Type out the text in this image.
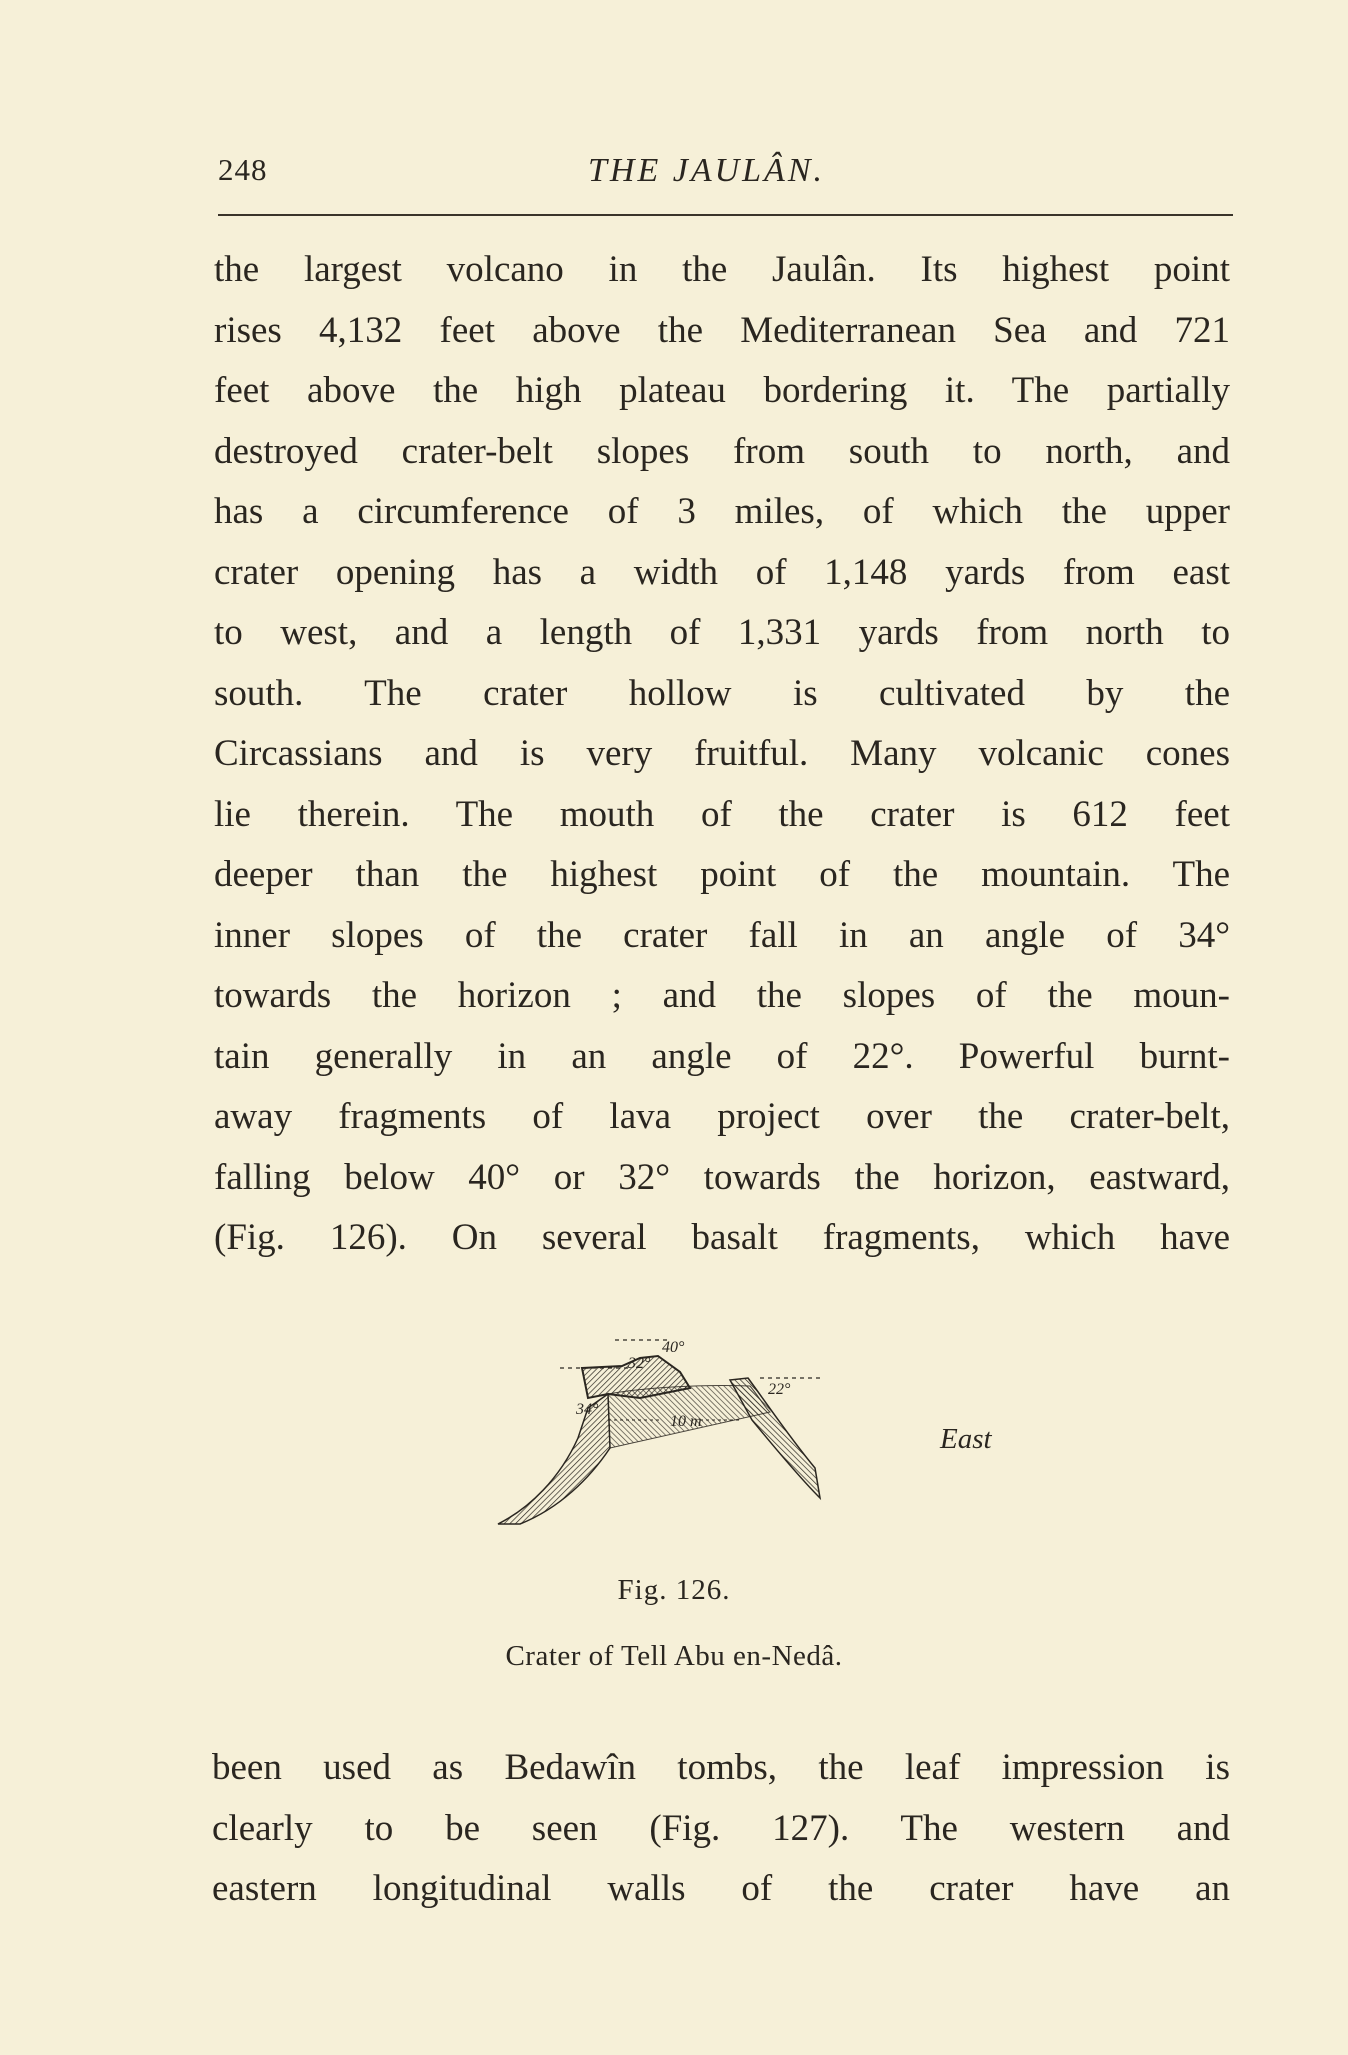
248	THE JAULÂN.
the largest volcano in the Jaulân. Its highest point
rises 4,132 feet above the Mediterranean Sea and 721
feet above the high plateau bordering it. The partially
destroyed crater-belt slopes from south to north, and
has a circumference of 3 miles, of which the upper
crater opening has a width of 1,148 yards from east
to west, and a length of 1,331 yards from north to
south. The crater hollow is cultivated by the
Circassians and is very fruitful. Many volcanic cones
lie therein. The mouth of the crater is 612 feet
deeper than the highest point of the mountain. The
inner slopes of the crater fall in an angle of 34°
towards the horizon ; and the slopes of the moun-
tain generally in an angle of 22°. Powerful burnt-
away fragments of lava project over the crater-belt,
falling below 40° or 32° towards the horizon, eastward,
(Fig. 126). On several basalt fragments, which have
40°
32°
34°
22°
10 m
East
Fig. 126.
Crater of Tell Abu en-Nedâ.
been used as Bedawîn tombs, the leaf impression is
clearly to be seen (Fig. 127). The western and
eastern longitudinal walls of the crater have an
